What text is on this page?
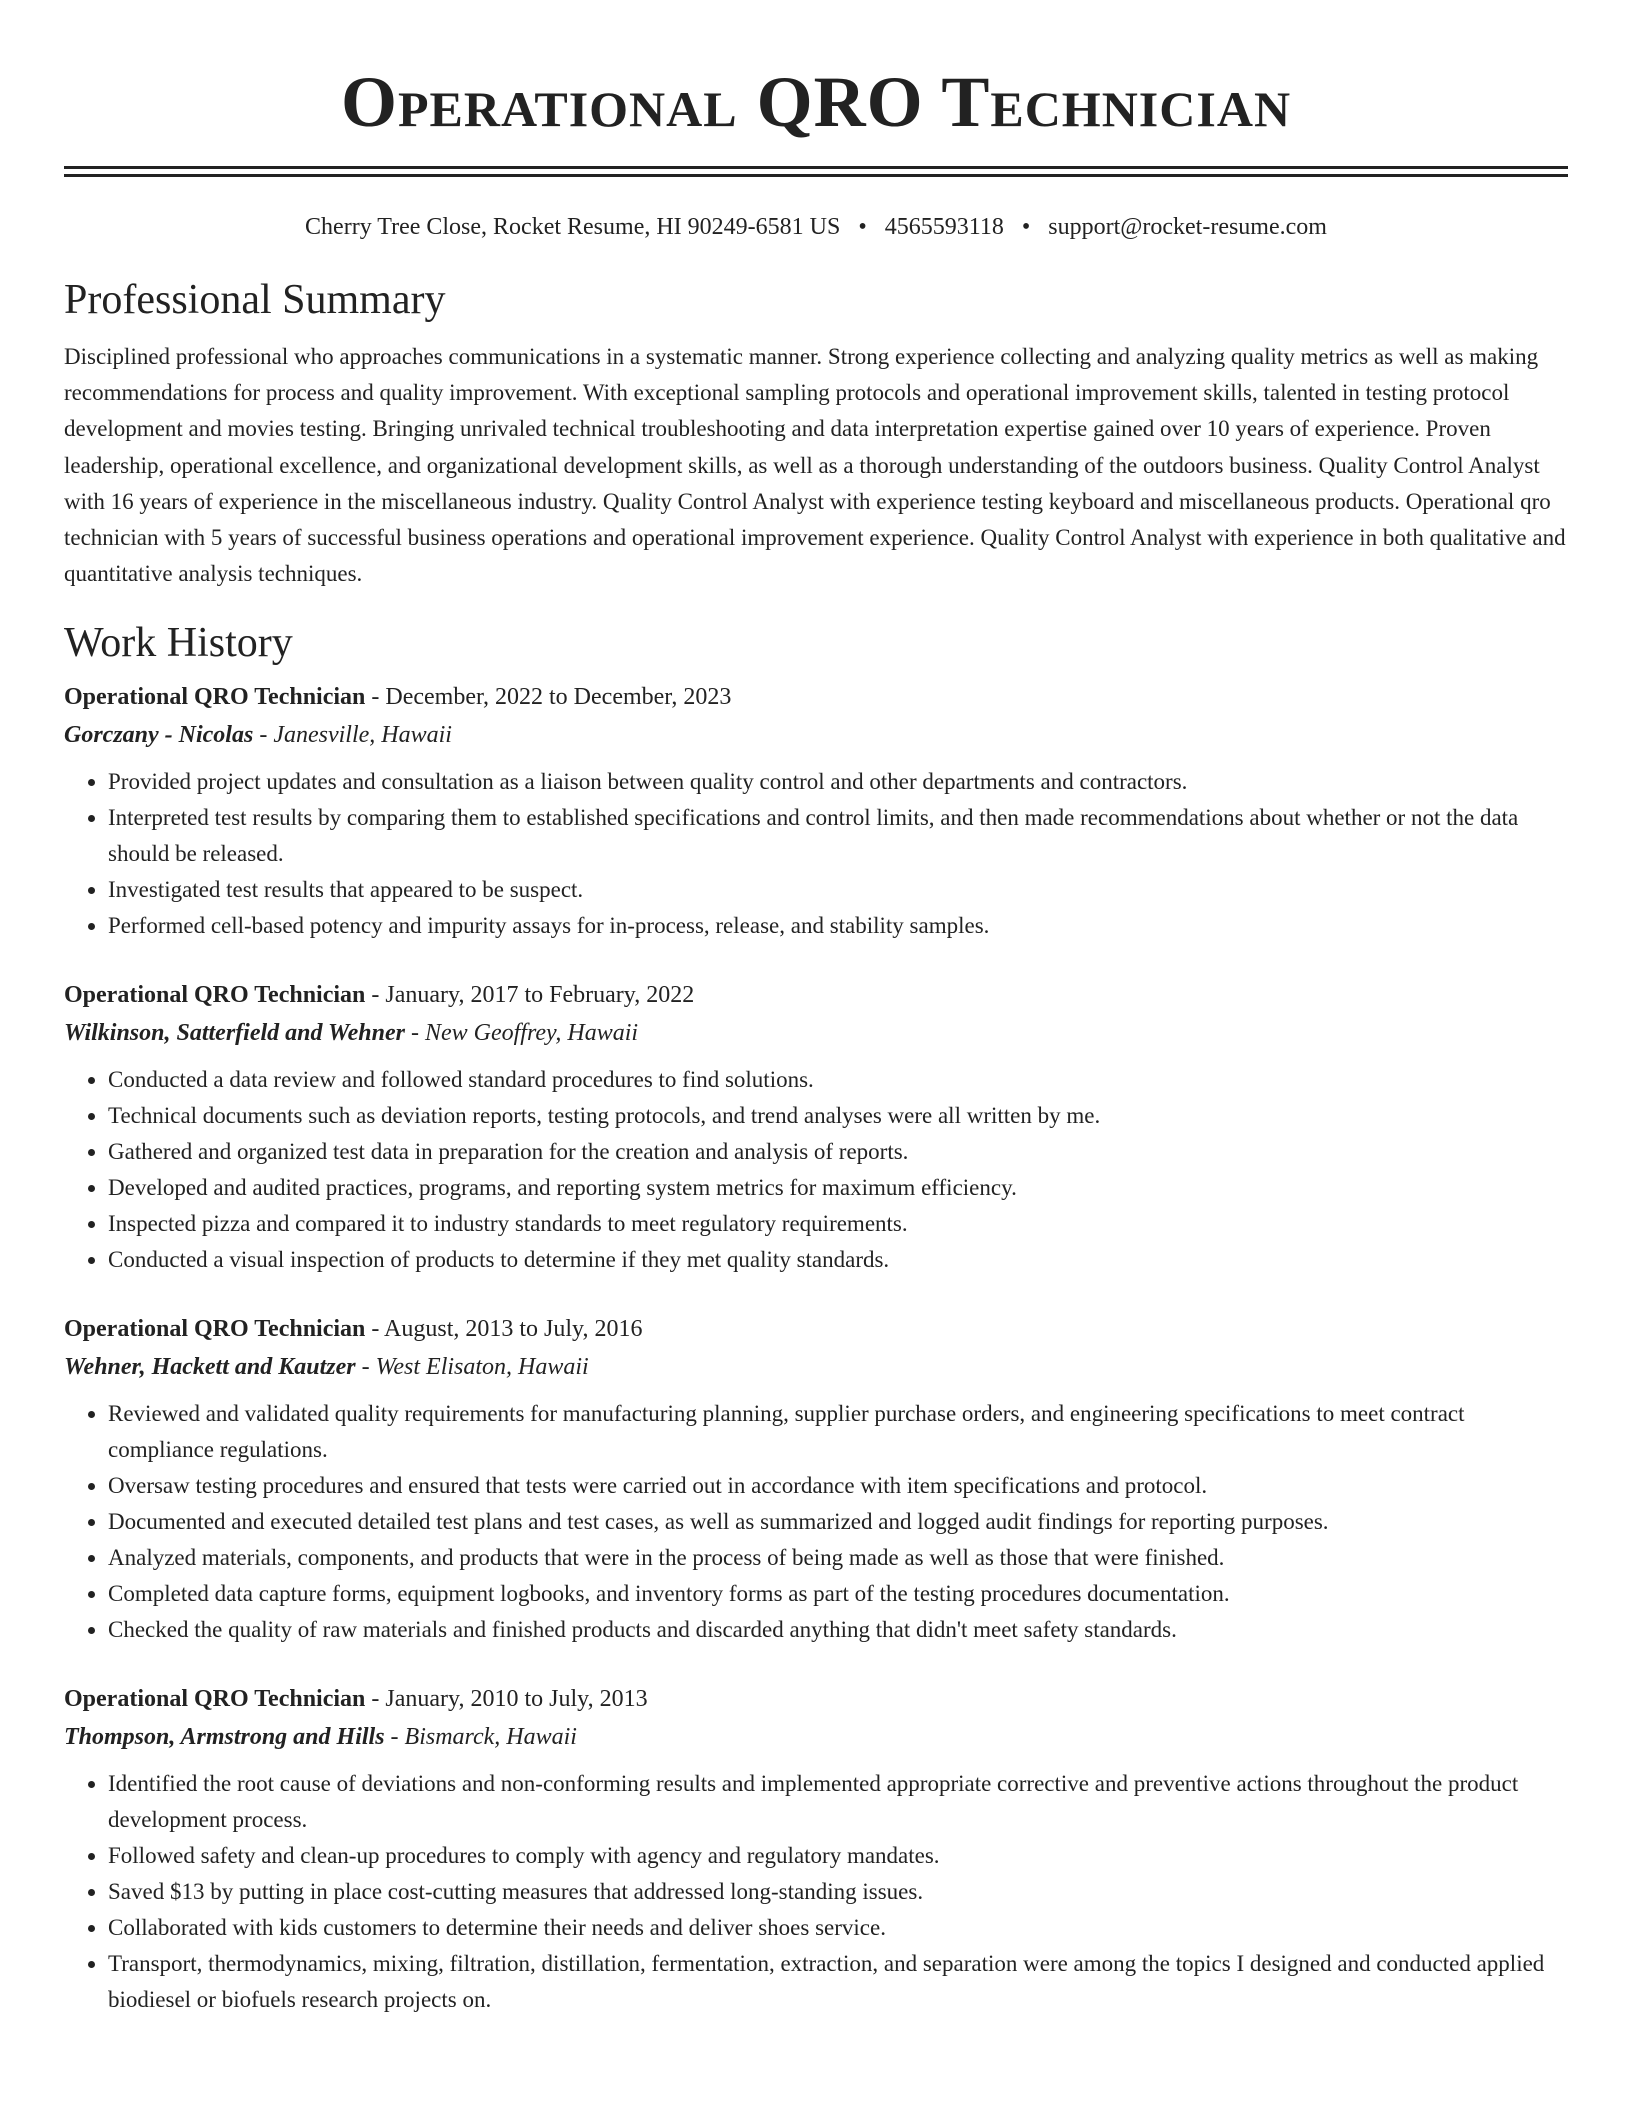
Operational QRO Technician
Cherry Tree Close, Rocket Resume, HI 90249-6581 US • 4565593118 • support@rocket-resume.com
Professional Summary

Disciplined professional who approaches communications in a systematic manner. Strong experience collecting and analyzing quality metrics as well as making recommendations for process and quality improvement. With exceptional sampling protocols and operational improvement skills, talented in testing protocol development and movies testing. Bringing unrivaled technical troubleshooting and data interpretation expertise gained over 10 years of experience. Proven leadership, operational excellence, and organizational development skills, as well as a thorough understanding of the outdoors business. Quality Control Analyst with 16 years of experience in the miscellaneous industry. Quality Control Analyst with experience testing keyboard and miscellaneous products. Operational qro technician with 5 years of successful business operations and operational improvement experience. Quality Control Analyst with experience in both qualitative and quantitative analysis techniques.

Work History
Operational QRO Technician - December, 2022 to December, 2023
Gorczany - Nicolas - Janesville, Hawaii
• Provided project updates and consultation as a liaison between quality control and other departments and contractors.
• Interpreted test results by comparing them to established specifications and control limits, and then made recommendations about whether or not the data should be released.
• Investigated test results that appeared to be suspect.
• Performed cell-based potency and impurity assays for in-process, release, and stability samples.
Operational QRO Technician - January, 2017 to February, 2022
Wilkinson, Satterfield and Wehner - New Geoffrey, Hawaii
• Conducted a data review and followed standard procedures to find solutions.
• Technical documents such as deviation reports, testing protocols, and trend analyses were all written by me.
• Gathered and organized test data in preparation for the creation and analysis of reports.
• Developed and audited practices, programs, and reporting system metrics for maximum efficiency.
• Inspected pizza and compared it to industry standards to meet regulatory requirements.
• Conducted a visual inspection of products to determine if they met quality standards.
Operational QRO Technician - August, 2013 to July, 2016
Wehner, Hackett and Kautzer - West Elisaton, Hawaii
• Reviewed and validated quality requirements for manufacturing planning, supplier purchase orders, and engineering specifications to meet contract compliance regulations.
• Oversaw testing procedures and ensured that tests were carried out in accordance with item specifications and protocol.
• Documented and executed detailed test plans and test cases, as well as summarized and logged audit findings for reporting purposes.
• Analyzed materials, components, and products that were in the process of being made as well as those that were finished.
• Completed data capture forms, equipment logbooks, and inventory forms as part of the testing procedures documentation.
• Checked the quality of raw materials and finished products and discarded anything that didn't meet safety standards.
Operational QRO Technician - January, 2010 to July, 2013
Thompson, Armstrong and Hills - Bismarck, Hawaii
• Identified the root cause of deviations and non-conforming results and implemented appropriate corrective and preventive actions throughout the product development process.
• Followed safety and clean-up procedures to comply with agency and regulatory mandates.
• Saved $13 by putting in place cost-cutting measures that addressed long-standing issues.
• Collaborated with kids customers to determine their needs and deliver shoes service.
• Transport, thermodynamics, mixing, filtration, distillation, fermentation, extraction, and separation were among the topics I designed and conducted applied biodiesel or biofuels research projects on.
